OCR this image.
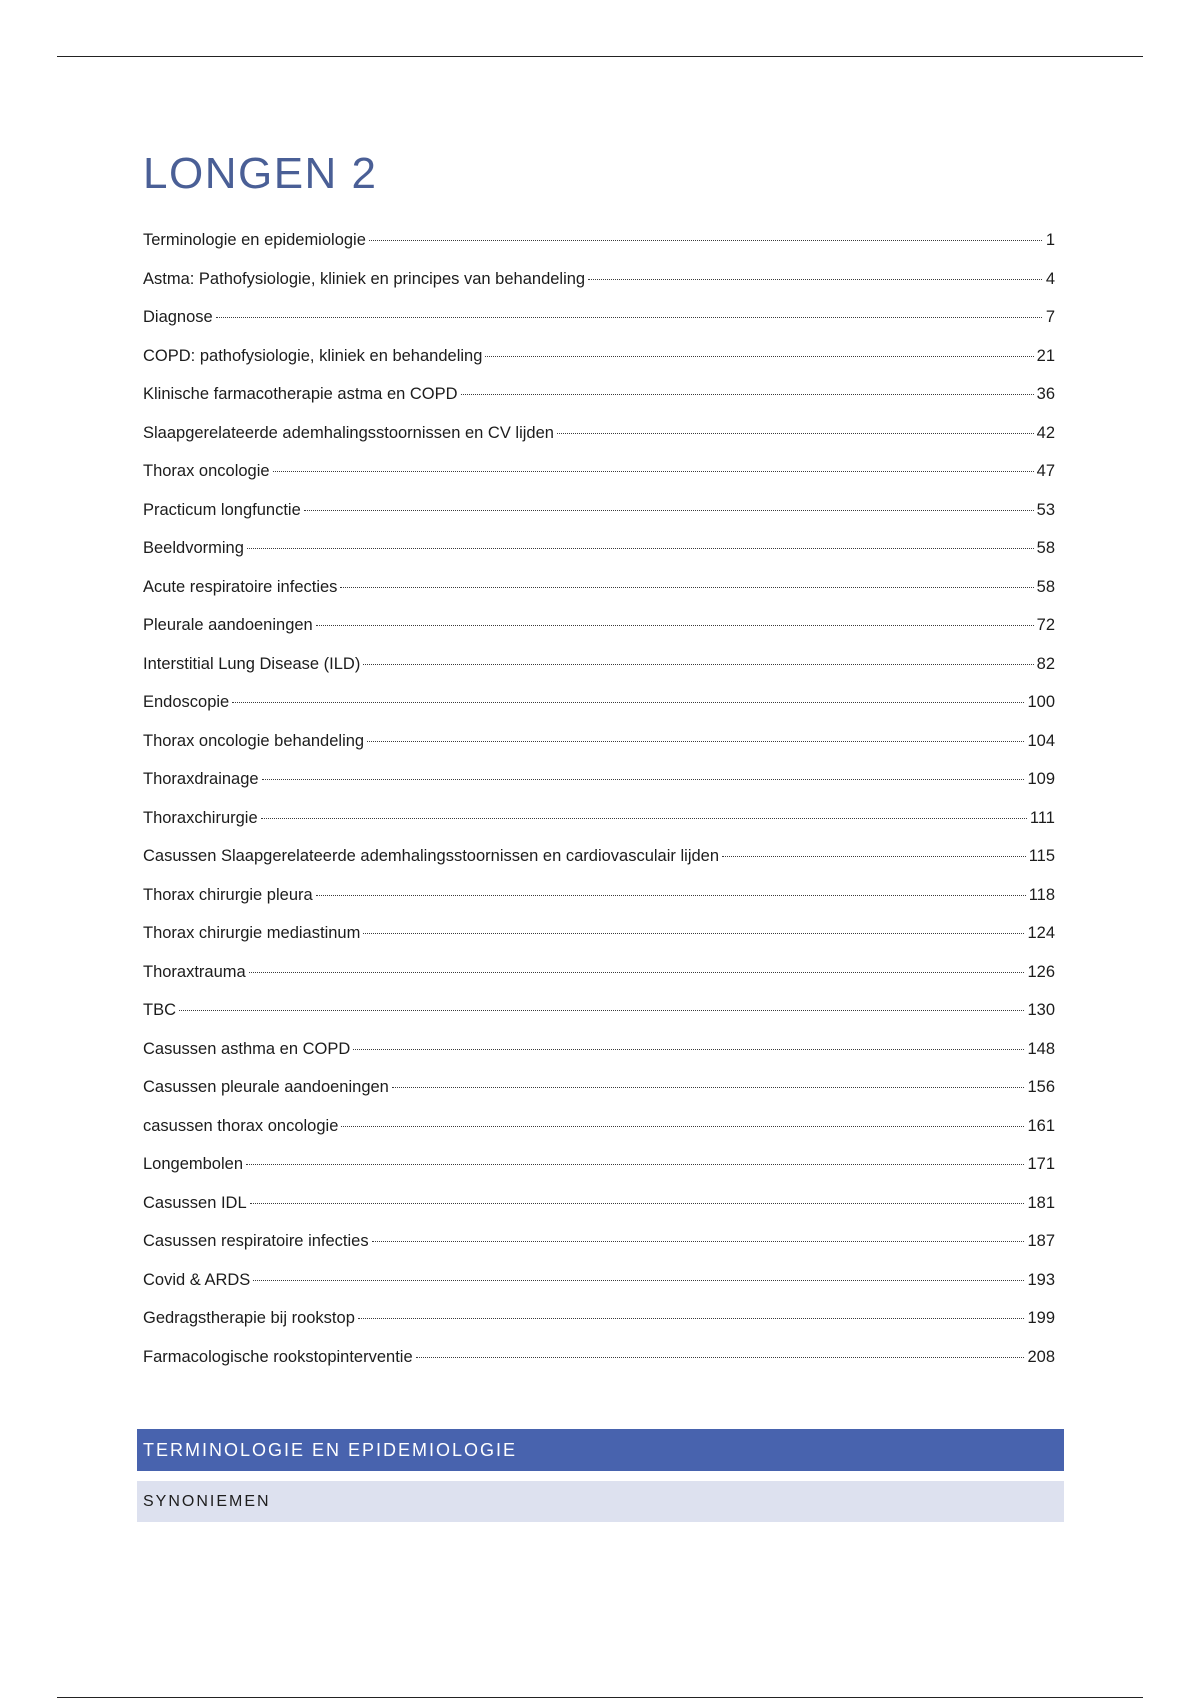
LONGEN 2
Terminologie en epidemiologie	1
Astma: Pathofysiologie, kliniek en principes van behandeling	4
Diagnose	7
COPD: pathofysiologie, kliniek en behandeling	21
Klinische farmacotherapie astma en COPD	36
Slaapgerelateerde ademhalingsstoornissen en CV lijden	42
Thorax oncologie	47
Practicum longfunctie	53
Beeldvorming	58
Acute respiratoire infecties	58
Pleurale aandoeningen	72
Interstitial Lung Disease (ILD)	82
Endoscopie	100
Thorax oncologie behandeling	104
Thoraxdrainage	109
Thoraxchirurgie	111
Casussen Slaapgerelateerde ademhalingsstoornissen en cardiovasculair lijden	115
Thorax chirurgie pleura	118
Thorax chirurgie mediastinum	124
Thoraxtrauma	126
TBC	130
Casussen asthma en COPD	148
Casussen pleurale aandoeningen	156
casussen thorax oncologie	161
Longembolen	171
Casussen IDL	181
Casussen respiratoire infecties	187
Covid & ARDS	193
Gedragstherapie bij rookstop	199
Farmacologische rookstopinterventie	208
TERMINOLOGIE EN EPIDEMIOLOGIE
SYNONIEMEN
